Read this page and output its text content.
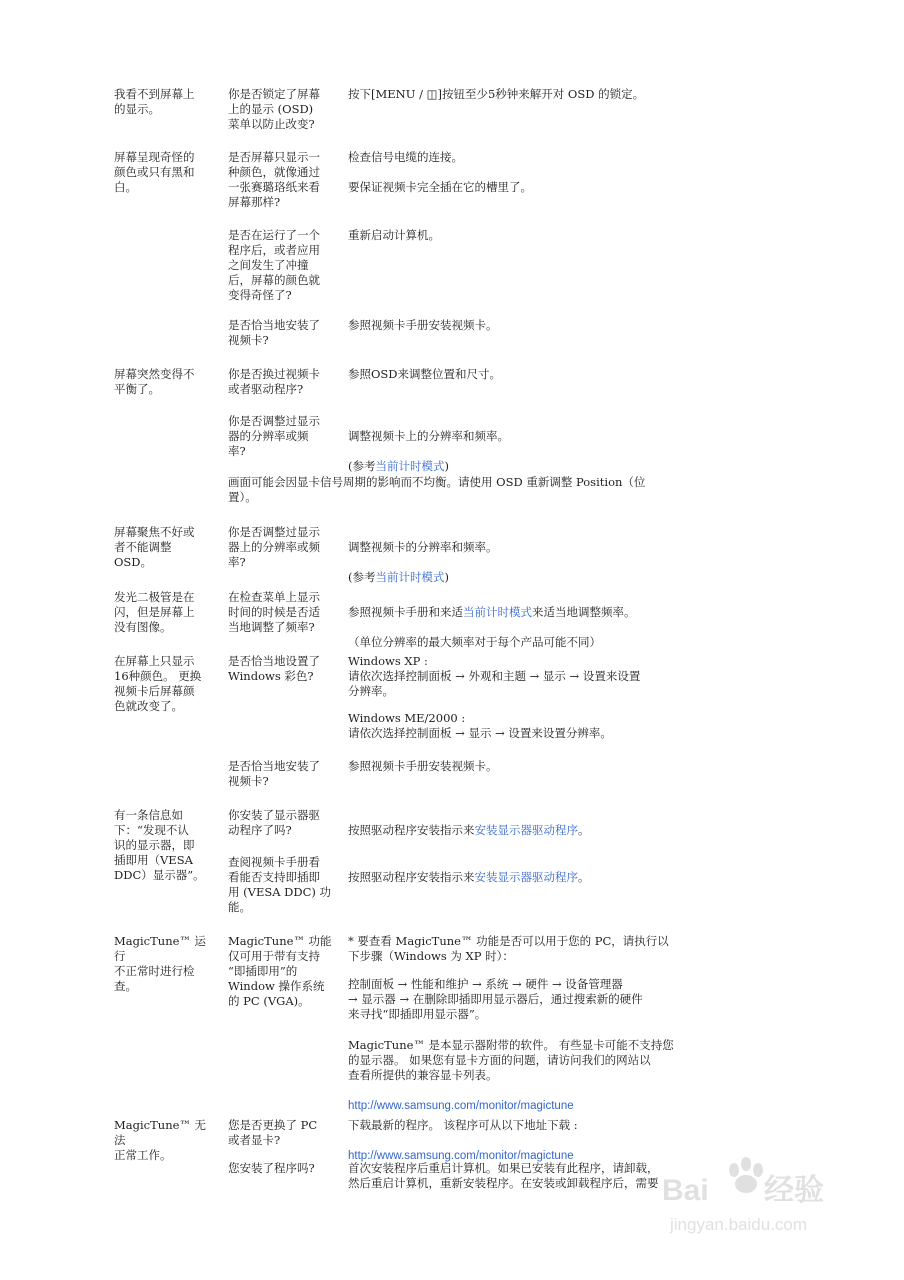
我看不到屏幕上
的显示。
你是否锁定了屏幕
上的显示 (OSD)
菜单以防止改变?
按下[MENU / ◫]按钮至少5秒钟来解开对 OSD 的锁定。
屏幕呈现奇怪的
颜色或只有黑和
白。
是否屏幕只显示一
种颜色，就像通过
一张赛璐珞纸来看
屏幕那样?
检查信号电缆的连接。
要保证视频卡完全插在它的槽里了。
是否在运行了一个
程序后，或者应用
之间发生了冲撞
后，屏幕的颜色就
变得奇怪了?
重新启动计算机。
是否恰当地安装了
视频卡?
参照视频卡手册安装视频卡。
屏幕突然变得不
平衡了。
你是否换过视频卡
或者驱动程序?
参照OSD来调整位置和尺寸。
你是否调整过显示
器的分辨率或频
率?

调整视频卡上的分辨率和频率。

(参考当前计时模式)

画面可能会因显卡信号周期的影响而不均衡。请使用 OSD 重新调整 Position（位
置）。
屏幕聚焦不好或
者不能调整
OSD。
你是否调整过显示
器上的分辨率或频
率?

调整视频卡的分辨率和频率。

(参考当前计时模式)

发光二极管是在
闪，但是屏幕上
没有图像。
在检查菜单上显示
时间的时候是否适
当地调整了频率?

参照视频卡手册和来适当前计时模式来适当地调整频率。

（单位分辨率的最大频率对于每个产品可能不同）

在屏幕上只显示
16种颜色。 更换
视频卡后屏幕颜
色就改变了。
是否恰当地设置了
Windows 彩色?
Windows XP :
请依次选择控制面板 → 外观和主题 → 显示 → 设置来设置
分辨率。
Windows ME/2000 :
请依次选择控制面板 → 显示 → 设置来设置分辨率。
是否恰当地安装了
视频卡?
参照视频卡手册安装视频卡。
有一条信息如
下：“发现不认
识的显示器，即
插即用（VESA
DDC）显示器”。
你安装了显示器驱
动程序了吗?	按照驱动程序安装指示来安装显示器驱动程序。

查阅视频卡手册看
看能否支持即插即
用 (VESA DDC) 功
能。

按照驱动程序安装指示来安装显示器驱动程序。

MagicTune™ 运行
不正常时进行检
查。
MagicTune™ 功能
仅可用于带有支持
“即插即用”的
Window 操作系统
的 PC (VGA)。
* 要查看 MagicTune™ 功能是否可以用于您的 PC，请执行以
下步骤（Windows 为 XP 时）：
控制面板 → 性能和维护 → 系统 → 硬件 → 设备管理器
→ 显示器 → 在删除即插即用显示器后，通过搜索新的硬件
来寻找“即插即用显示器”。
MagicTune™ 是本显示器附带的软件。 有些显卡可能不支持您
的显示器。 如果您有显卡方面的问题，请访问我们的网站以
查看所提供的兼容显卡列表。

http://www.samsung.com/monitor/magictune

MagicTune™ 无法
正常工作。
您是否更换了 PC
或者显卡?
下载最新的程序。 该程序可从以下地址下载 :

http://www.samsung.com/monitor/magictune

您安装了程序吗?	首次安装程序后重启计算机。如果已安装有此程序，请卸载，
然后重启计算机，重新安装程序。在安装或卸载程序后，需要 Bai 经验
jingyan.baidu.com
